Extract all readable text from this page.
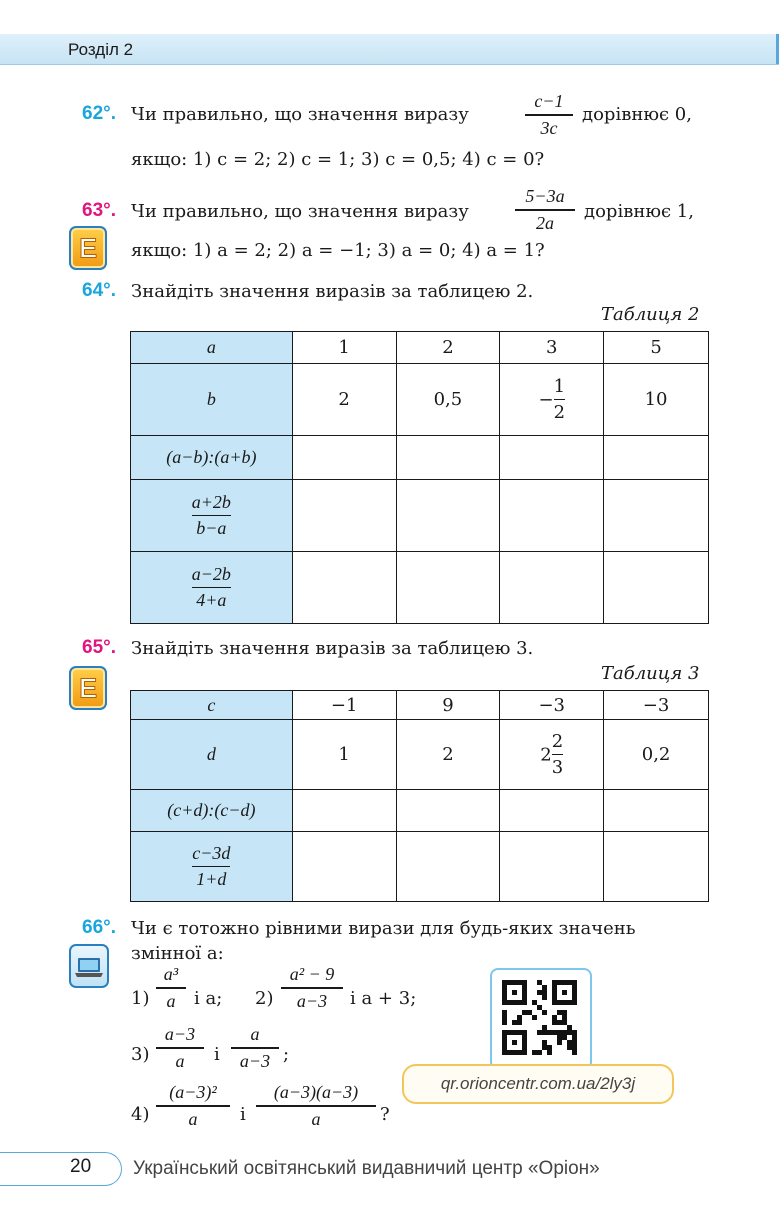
Розділ 2
62°. Чи правильно, що значення виразу
c−1
3c
дорівнює 0,
якщо: 1) c = 2; 2) c = 1; 3) c = 0,5; 4) c = 0?
63°. Чи правильно, що значення виразу
5−3a
2a
дорівнює 1,
E якщо: 1) a = 2; 2) a = −1; 3) a = 0; 4) a = 1?
64°. Знайдіть значення виразів за таблицею 2.
Таблиця 2
a	1	2	3	5
b	2	0,5	− $\frac{1}{2}$	10
(a−b):(a+b)				

$\frac{a+2b}{b-a}$

$\frac{a-2b}{4+a}$

65°. Знайдіть значення виразів за таблицею 3.
E	Таблиця 3
c	−1	9	−3	−3
d	1	2	$2 \frac{2}{3}$	0,2
(c+d):(c−d)				

$\frac{c-3d}{1+d}$

66°. Чи є тотожно рівними вирази для будь-яких значень
змінної a:
1)
a³
a	і a; 2)
a² − 9
a−3	і a + 3;
3)
a−3
a	і
a
a−3 ;
4)
(a−3)²
a	і
(a−3)(a−3)
a	?
qr.orioncentr.com.ua/2ly3j
20 Український освітянський видавничий центр «Оріон»
